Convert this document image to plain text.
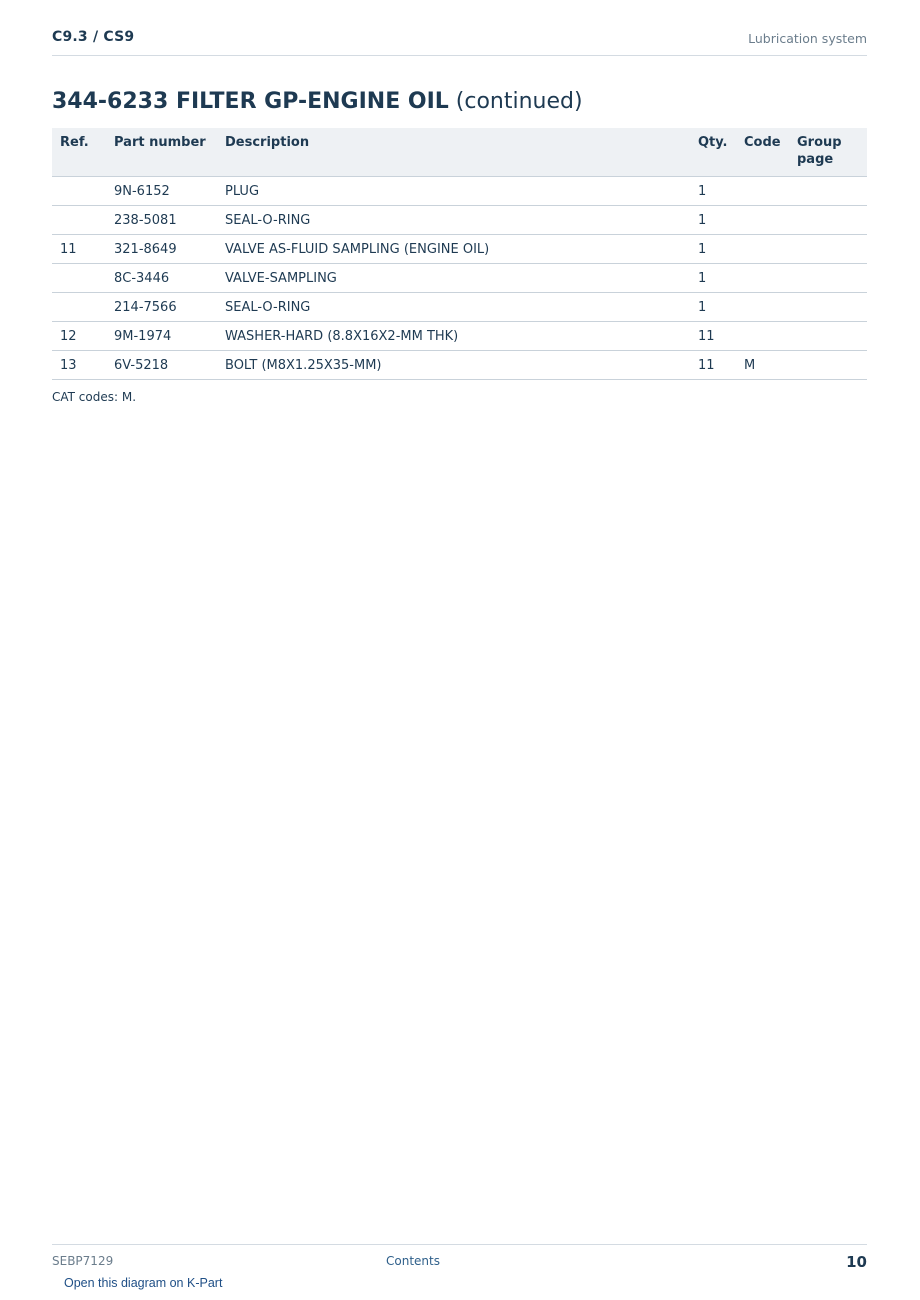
C9.3 / CS9	Lubrication system
344-6233 FILTER GP-ENGINE OIL (continued)
Ref.	Part number	Description	Qty.	Code	Group page
	9N-6152	PLUG	1		
	238-5081	SEAL-O-RING	1		
11	321-8649	VALVE AS-FLUID SAMPLING (ENGINE OIL)	1		
	8C-3446	VALVE-SAMPLING	1		
	214-7566	SEAL-O-RING	1		
12	9M-1974	WASHER-HARD (8.8X16X2-MM THK)	11		
13	6V-5218	BOLT (M8X1.25X35-MM)	11	M	
CAT codes: M.
SEBP7129	Contents	10
Open this diagram on K-Part
